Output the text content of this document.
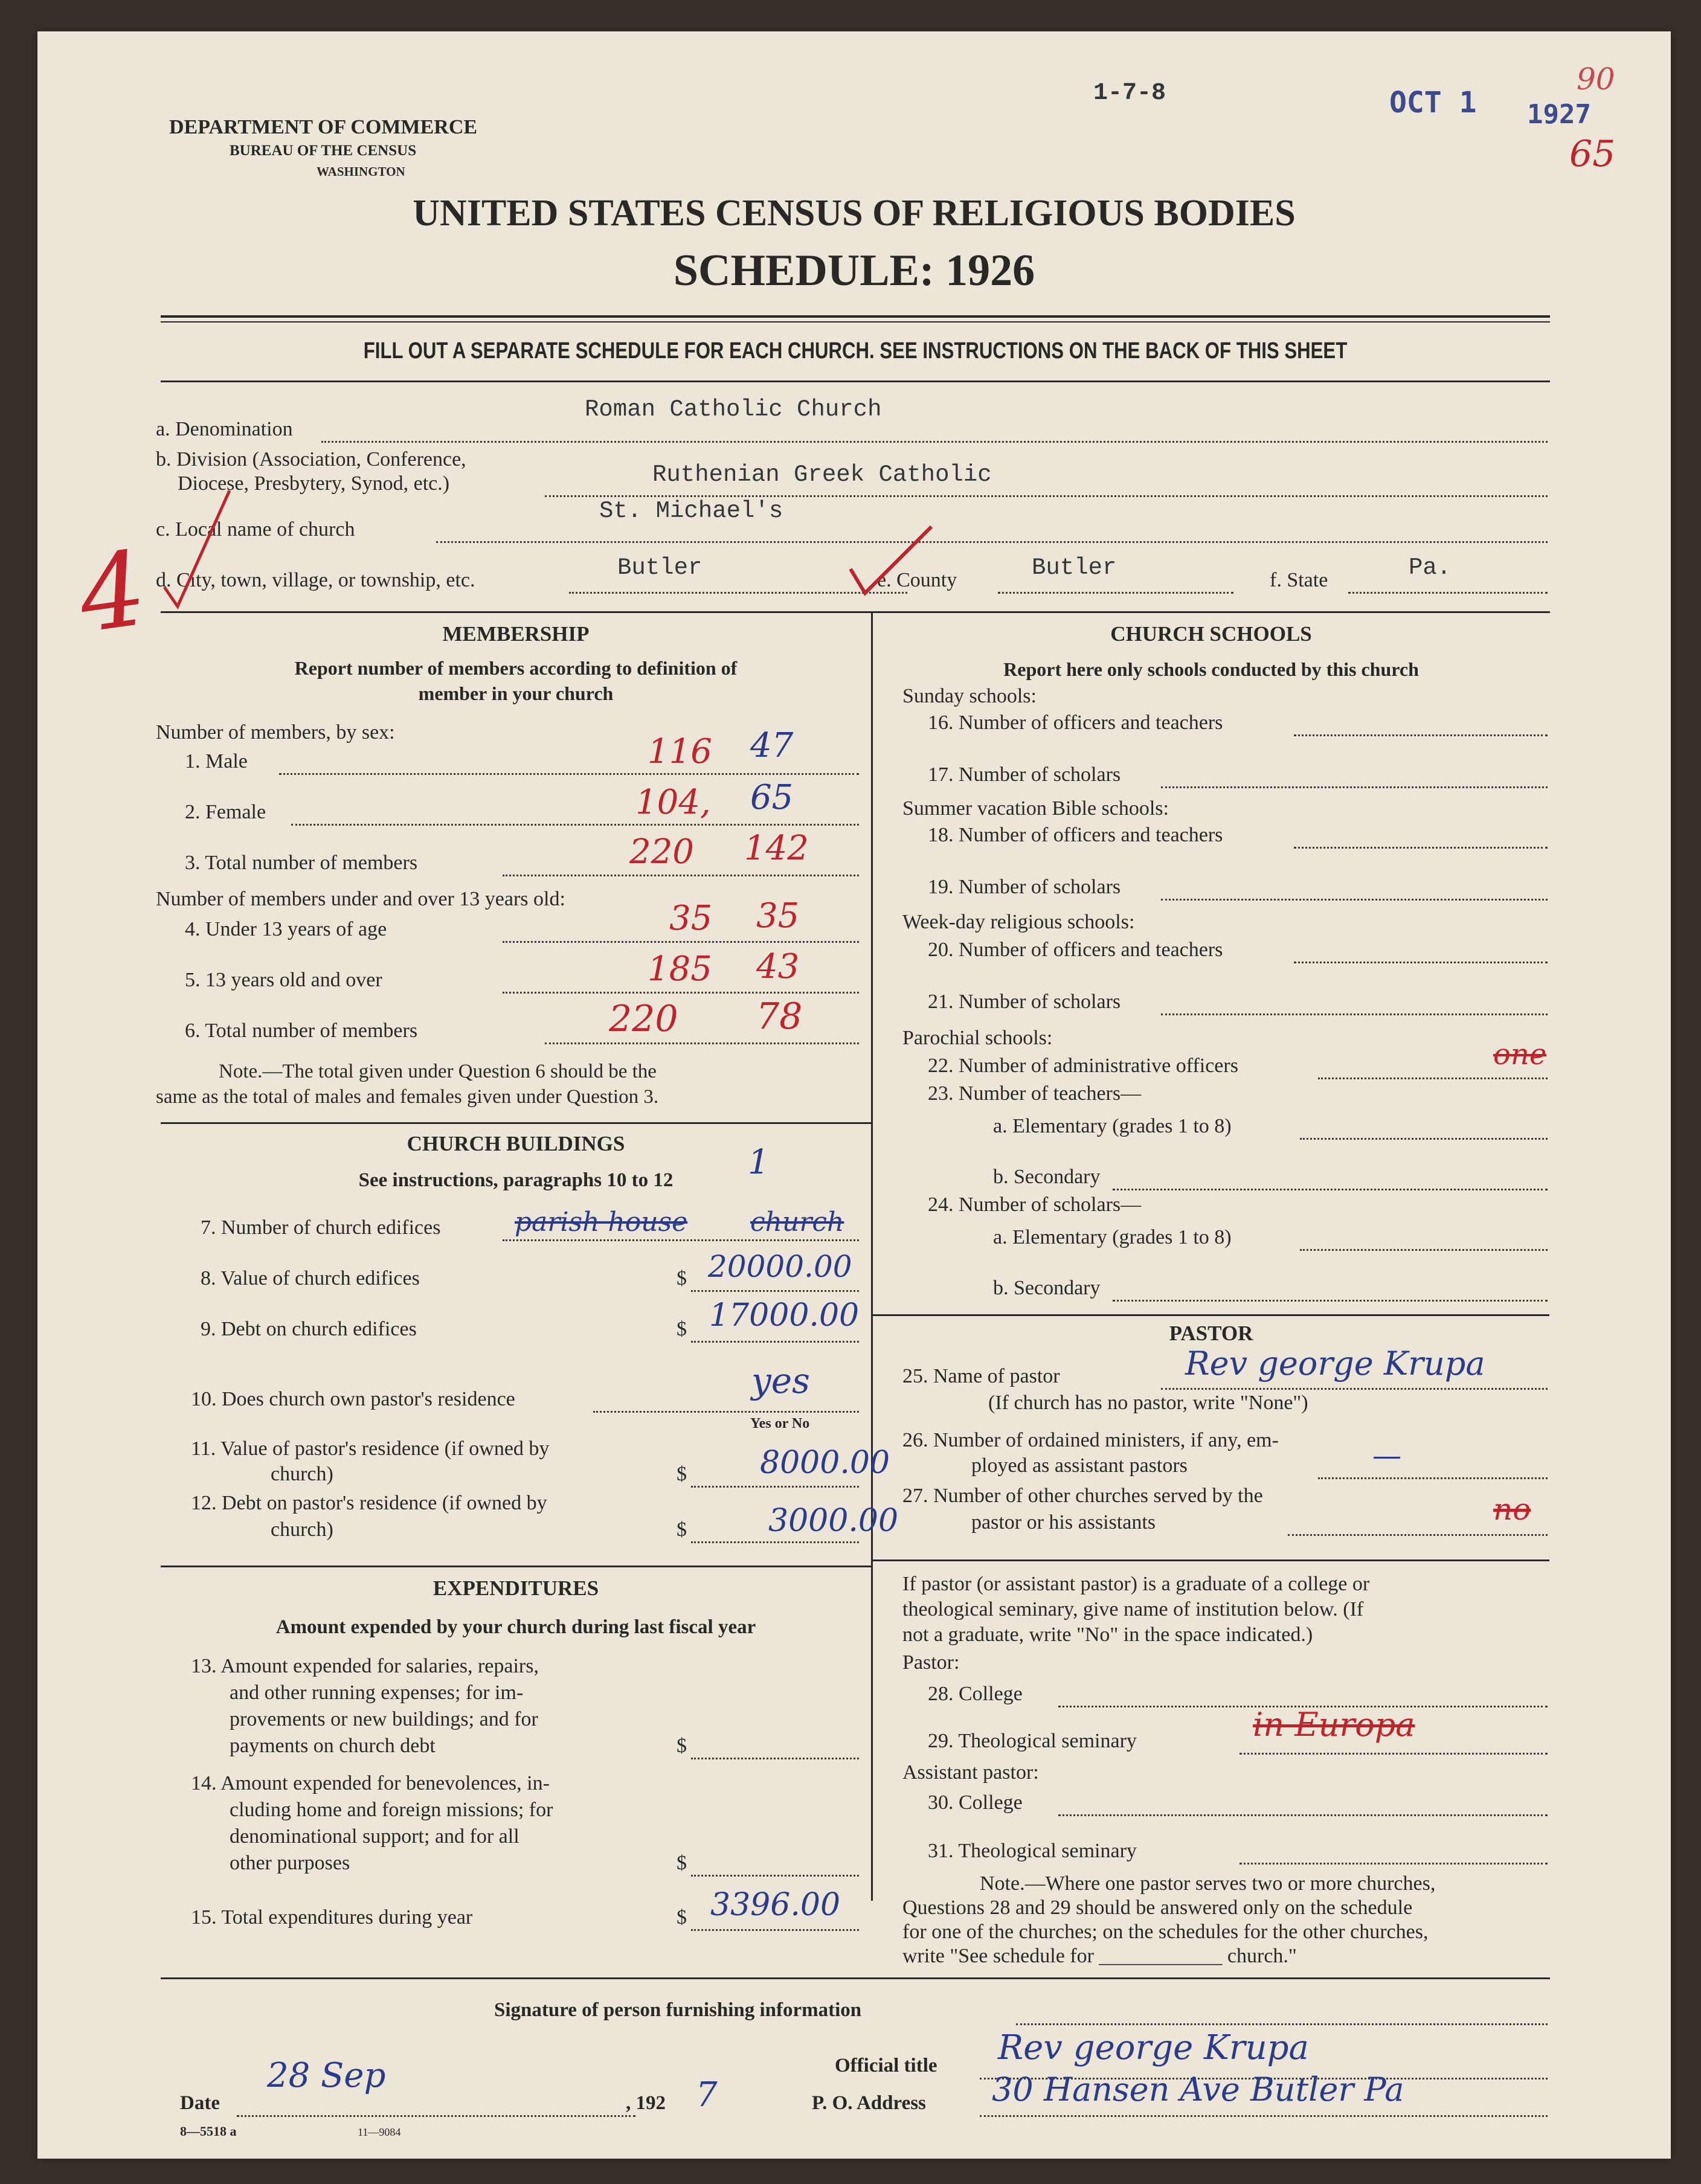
DEPARTMENT OF COMMERCE
BUREAU OF THE CENSUS
WASHINGTON
1-7-8	OCT 1 1927
90
65
UNITED STATES CENSUS OF RELIGIOUS BODIES
SCHEDULE: 1926
FILL OUT A SEPARATE SCHEDULE FOR EACH CHURCH. SEE INSTRUCTIONS ON THE BACK OF THIS SHEET
a. Denomination
Roman Catholic Church
b. Division (Association, Conference,
Diocese, Presbytery, Synod, etc.)	Ruthenian Greek Catholic
c. Local name of church
St. Michael's
d. City, town, village, or township, etc.	Butler	e. County	Butler	f. State	Pa.
4	MEMBERSHIP
Report number of members according to definition of
member in your church
Number of members, by sex:
1. Male	116 47
2. Female	104, 65
3. Total number of members	220 142
Number of members under and over 13 years old:
4. Under 13 years of age	35 35
5. 13 years old and over	185 43
6. Total number of members	220 78
Note.—The total given under Question 6 should be the
same as the total of males and females given under Question 3.
CHURCH BUILDINGS
See instructions, paragraphs 10 to 12	1
7. Number of church edifices	parish house church
8. Value of church edifices	$ 20000.00
9. Debt on church edifices	$ 17000.00
10. Does church own pastor's residence	yes
Yes or No
11. Value of pastor's residence (if owned by
church)	$ 8000.00
12. Debt on pastor's residence (if owned by
church)	$	3000.00
EXPENDITURES
Amount expended by your church during last fiscal year
13. Amount expended for salaries, repairs,
and other running expenses; for im-
provements or new buildings; and for
payments on church debt	$
14. Amount expended for benevolences, in-
cluding home and foreign missions; for
denominational support; and for all
other purposes	$
15. Total expenditures during year	$ 3396.00
CHURCH SCHOOLS
Report here only schools conducted by this church
Sunday schools:
16. Number of officers and teachers
17. Number of scholars
Summer vacation Bible schools:
18. Number of officers and teachers
19. Number of scholars
Week-day religious schools:
20. Number of officers and teachers
21. Number of scholars
Parochial schools:
22. Number of administrative officers	one
23. Number of teachers—
a. Elementary (grades 1 to 8)
b. Secondary
24. Number of scholars—
a. Elementary (grades 1 to 8)
b. Secondary
PASTOR
25. Name of pastor	Rev george Krupa
(If church has no pastor, write "None")
26. Number of ordained ministers, if any, em-
ployed as assistant pastors	—
27. Number of other churches served by the
pastor or his assistants	no
If pastor (or assistant pastor) is a graduate of a college or
theological seminary, give name of institution below. (If
not a graduate, write "No" in the space indicated.)
Pastor:
28. College
29. Theological seminary	in Europa
Assistant pastor:
30. College
31. Theological seminary
Note.—Where one pastor serves two or more churches,
Questions 28 and 29 should be answered only on the schedule
for one of the churches; on the schedules for the other churches,
write "See schedule for ____________ church."
Signature of person furnishing information
Official title Rev george Krupa
Date
28 Sep
, 192 7	P. O. Address 30 Hansen Ave Butler Pa
8—5518 a	11—9084
